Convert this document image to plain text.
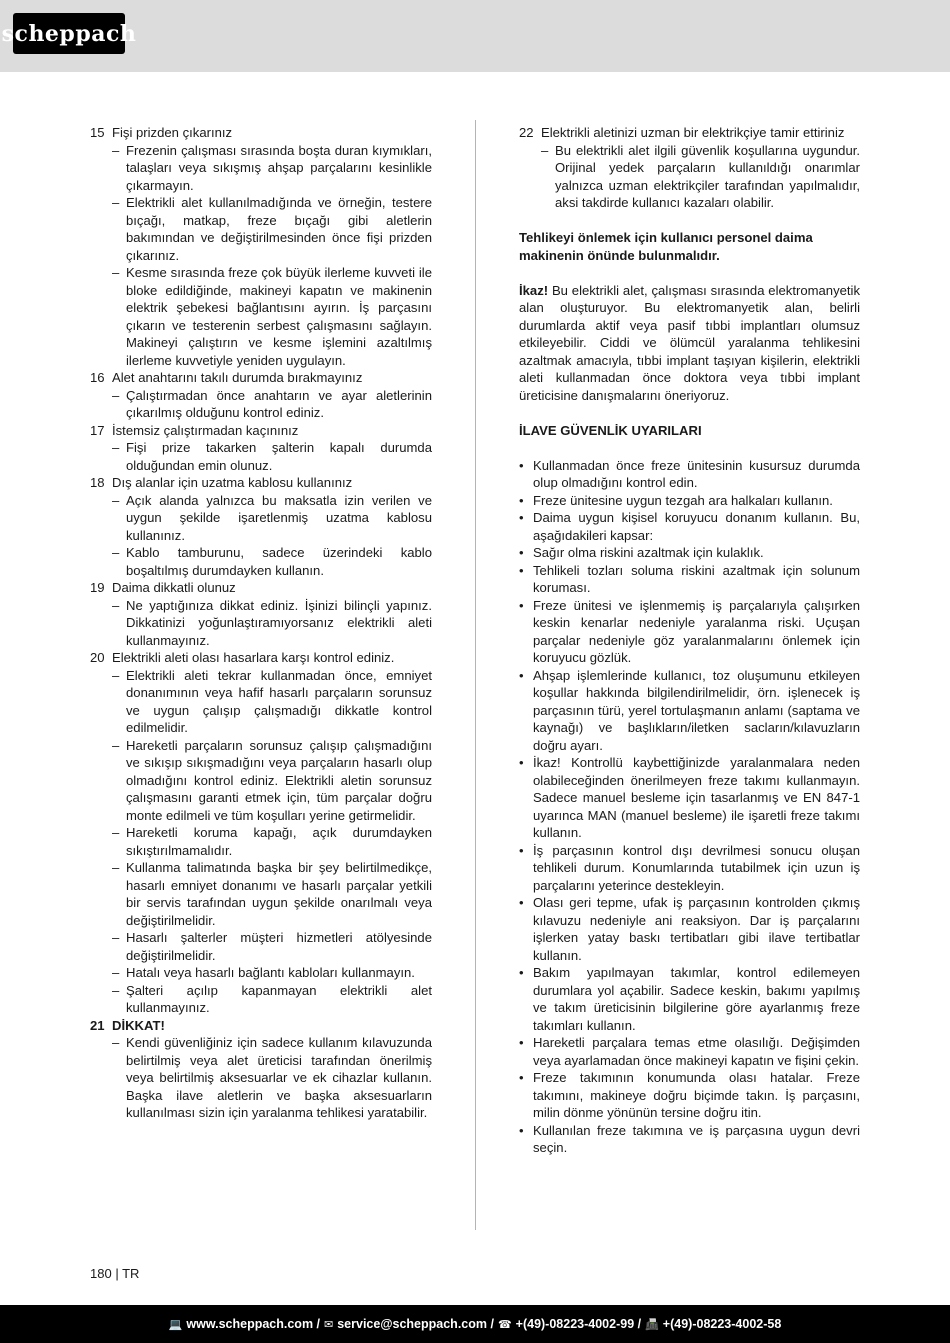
scheppach
15 Fişi prizden çıkarınız
– Frezenin çalışması sırasında boşta duran kıymıkları, talaşları veya sıkışmış ahşap parçalarını kesinlikle çıkarmayın.
– Elektrikli alet kullanılmadığında ve örneğin, testere bıçağı, matkap, freze bıçağı gibi aletlerin bakımından ve değiştirilmesinden önce fişi prizden çıkarınız.
– Kesme sırasında freze çok büyük ilerleme kuvveti ile bloke edildiğinde, makineyi kapatın ve makinenin elektrik şebekesi bağlantısını ayırın. İş parçasını çıkarın ve testerenin serbest çalışmasını sağlayın. Makineyi çalıştırın ve kesme işlemini azaltılmış ilerleme kuvvetiyle yeniden uygulayın.
16 Alet anahtarını takılı durumda bırakmayınız
– Çalıştırmadan önce anahtarın ve ayar aletlerinin çıkarılmış olduğunu kontrol ediniz.
17 İstemsiz çalıştırmadan kaçınınız
– Fişi prize takarken şalterin kapalı durumda olduğundan emin olunuz.
18 Dış alanlar için uzatma kablosu kullanınız
– Açık alanda yalnızca bu maksatla izin verilen ve uygun şekilde işaretlenmiş uzatma kablosu kullanınız.
– Kablo tamburunu, sadece üzerindeki kablo boşaltılmış durumdayken kullanın.
19 Daima dikkatli olunuz
– Ne yaptığınıza dikkat ediniz. İşinizi bilinçli yapınız. Dikkatinizi yoğunlaştıramıyorsanız elektrikli aleti kullanmayınız.
20 Elektrikli aleti olası hasarlara karşı kontrol ediniz.
– Elektrikli aleti tekrar kullanmadan önce, emniyet donanımının veya hafif hasarlı parçaların sorunsuz ve uygun çalışıp çalışmadığı dikkatle kontrol edilmelidir.
– Hareketli parçaların sorunsuz çalışıp çalışmadığını ve sıkışıp sıkışmadığını veya parçaların hasarlı olup olmadığını kontrol ediniz. Elektrikli aletin sorunsuz çalışmasını garanti etmek için, tüm parçalar doğru monte edilmeli ve tüm koşulları yerine getirmelidir.
– Hareketli koruma kapağı, açık durumdayken sıkıştırılmamalıdır.
– Kullanma talimatında başka bir şey belirtilmedikçe, hasarlı emniyet donanımı ve hasarlı parçalar yetkili bir servis tarafından uygun şekilde onarılmalı veya değiştirilmelidir.
– Hasarlı şalterler müşteri hizmetleri atölyesinde değiştirilmelidir.
– Hatalı veya hasarlı bağlantı kabloları kullanmayın.
– Şalteri açılıp kapanmayan elektrikli alet kullanmayınız.
21 DİKKAT!
– Kendi güvenliğiniz için sadece kullanım kılavuzunda belirtilmiş veya alet üreticisi tarafından önerilmiş veya belirtilmiş aksesuarlar ve ek cihazlar kullanın. Başka ilave aletlerin ve başka aksesuarların kullanılması sizin için yaralanma tehlikesi yaratabilir.
22 Elektrikli aletinizi uzman bir elektrikçiye tamir ettiriniz
– Bu elektrikli alet ilgili güvenlik koşullarına uygundur. Orijinal yedek parçaların kullanıldığı onarımlar yalnızca uzman elektrikçiler tarafından yapılmalıdır, aksi takdirde kullanıcı kazaları olabilir.
Tehlikeyi önlemek için kullanıcı personel daima makinenin önünde bulunmalıdır.
İkaz! Bu elektrikli alet, çalışması sırasında elektromanyetik alan oluşturuyor. Bu elektromanyetik alan, belirli durumlarda aktif veya pasif tıbbi implantları olumsuz etkileyebilir. Ciddi ve ölümcül yaralanma tehlikesini azaltmak amacıyla, tıbbi implant taşıyan kişilerin, elektrikli aleti kullanmadan önce doktora veya tıbbi implant üreticisine danışmalarını öneriyoruz.
İLAVE GÜVENLİK UYARILARI
• Kullanmadan önce freze ünitesinin kusursuz durumda olup olmadığını kontrol edin.
• Freze ünitesine uygun tezgah ara halkaları kullanın.
• Daima uygun kişisel koruyucu donanım kullanın. Bu, aşağıdakileri kapsar:
• Sağır olma riskini azaltmak için kulaklık.
• Tehlikeli tozları soluma riskini azaltmak için solunum koruması.
• Freze ünitesi ve işlenmemiş iş parçalarıyla çalışırken keskin kenarlar nedeniyle yaralanma riski. Uçuşan parçalar nedeniyle göz yaralanmalarını önlemek için koruyucu gözlük.
• Ahşap işlemlerinde kullanıcı, toz oluşumunu etkileyen koşullar hakkında bilgilendirilmelidir, örn. işlenecek iş parçasının türü, yerel tortulaşmanın anlamı (saptama ve kaynağı) ve başlıkların/iletken sacların/kılavuzların doğru ayarı.
• İkaz! Kontrollü kaybettiğinizde yaralanmalara neden olabileceğinden önerilmeyen freze takımı kullanmayın. Sadece manuel besleme için tasarlanmış ve EN 847-1 uyarınca MAN (manuel besleme) ile işaretli freze takımı kullanın.
• İş parçasının kontrol dışı devrilmesi sonucu oluşan tehlikeli durum. Konumlarında tutabilmek için uzun iş parçalarını yeterince destekleyin.
• Olası geri tepme, ufak iş parçasının kontrolden çıkmış kılavuzu nedeniyle ani reaksiyon. Dar iş parçalarını işlerken yatay baskı tertibatları gibi ilave tertibatlar kullanın.
• Bakım yapılmayan takımlar, kontrol edilemeyen durumlara yol açabilir. Sadece keskin, bakımı yapılmış ve takım üreticisinin bilgilerine göre ayarlanmış freze takımları kullanın.
• Hareketli parçalara temas etme olasılığı. Değişimden veya ayarlamadan önce makineyi kapatın ve fişini çekin.
• Freze takımının konumunda olası hatalar. Freze takımını, makineye doğru biçimde takın. İş parçasını, milin dönme yönünün tersine doğru itin.
• Kullanılan freze takımına ve iş parçasına uygun devri seçin.
180 | TR
💻 www.scheppach.com / ✉ service@scheppach.com / ☎ +(49)-08223-4002-99 / 📠 +(49)-08223-4002-58
